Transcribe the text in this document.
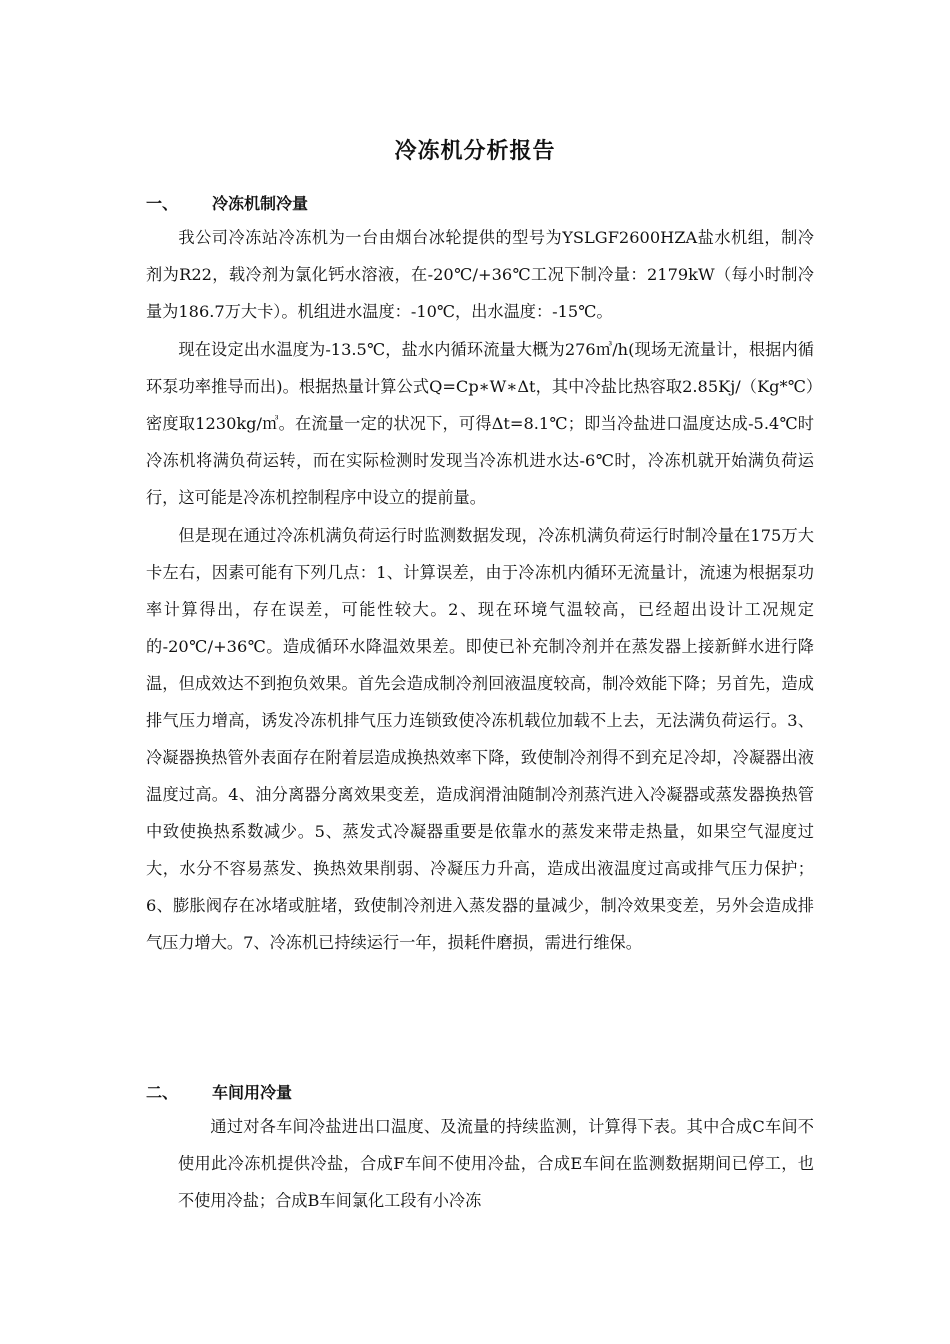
冷冻机分析报告
一、 冷冻机制冷量

我公司冷冻站冷冻机为一台由烟台冰轮提供的型号为YSLGF2600HZA盐水机组，制冷剂为R22，载冷剂为氯化钙水溶液，在-20℃/+36℃工况下制冷量：2179kW（每小时制冷量为186.7万大卡）。机组进水温度：-10℃，出水温度：-15℃。

现在设定出水温度为-13.5℃，盐水内循环流量大概为276㎥/h(现场无流量计，根据内循环泵功率推导而出)。根据热量计算公式Q=Cp∗W∗Δt，其中冷盐比热容取2.85Kj/（Kg*℃）密度取1230kg/㎥。在流量一定的状况下，可得Δt=8.1℃；即当冷盐进口温度达成-5.4℃时冷冻机将满负荷运转，而在实际检测时发现当冷冻机进水达-6℃时，冷冻机就开始满负荷运行，这可能是冷冻机控制程序中设立的提前量。

但是现在通过冷冻机满负荷运行时监测数据发现，冷冻机满负荷运行时制冷量在175万大卡左右，因素可能有下列几点：1、计算误差，由于冷冻机内循环无流量计，流速为根据泵功率计算得出，存在误差，可能性较大。2、现在环境气温较高，已经超出设计工况规定的-20℃/+36℃。造成循环水降温效果差。即使已补充制冷剂并在蒸发器上接新鲜水进行降温，但成效达不到抱负效果。首先会造成制冷剂回液温度较高，制冷效能下降；另首先，造成排气压力增高，诱发冷冻机排气压力连锁致使冷冻机载位加载不上去，无法满负荷运行。3、冷凝器换热管外表面存在附着层造成换热效率下降，致使制冷剂得不到充足冷却，冷凝器出液温度过高。4、油分离器分离效果变差，造成润滑油随制冷剂蒸汽进入冷凝器或蒸发器换热管中致使换热系数减少。5、蒸发式冷凝器重要是依靠水的蒸发来带走热量，如果空气湿度过大，水分不容易蒸发、换热效果削弱、冷凝压力升高，造成出液温度过高或排气压力保护；6、膨胀阀存在冰堵或脏堵，致使制冷剂进入蒸发器的量减少，制冷效果变差，另外会造成排气压力增大。7、冷冻机已持续运行一年，损耗件磨损，需进行维保。

二、 车间用冷量

通过对各车间冷盐进出口温度、及流量的持续监测，计算得下表。其中合成C车间不使用此冷冻机提供冷盐，合成F车间不使用冷盐，合成E车间在监测数据期间已停工，也不使用冷盐；合成B车间氯化工段有小冷冻
